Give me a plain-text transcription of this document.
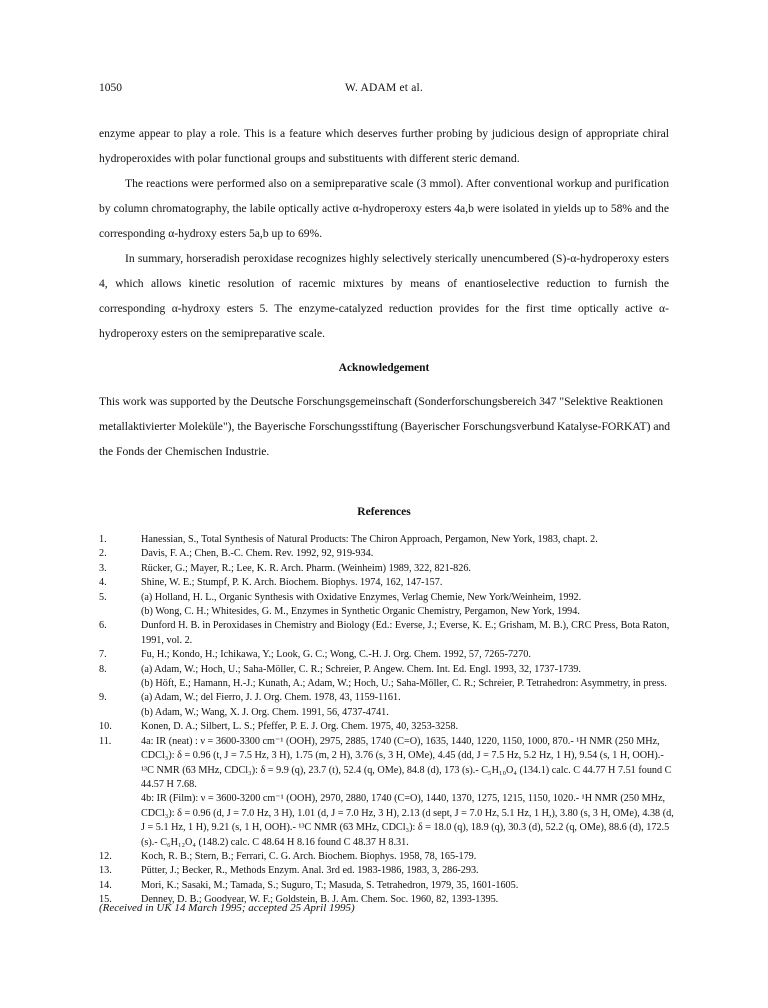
1050	W. ADAM et al.
enzyme appear to play a role. This is a feature which deserves further probing by judicious design of appropriate chiral hydroperoxides with polar functional groups and substituents with different steric demand.
The reactions were performed also on a semipreparative scale (3 mmol). After conventional workup and purification by column chromatography, the labile optically active α-hydroperoxy esters 4a,b were isolated in yields up to 58% and the corresponding α-hydroxy esters 5a,b up to 69%.
In summary, horseradish peroxidase recognizes highly selectively sterically unencumbered (S)-α-hydroperoxy esters 4, which allows kinetic resolution of racemic mixtures by means of enantioselective reduction to furnish the corresponding α-hydroxy esters 5. The enzyme-catalyzed reduction provides for the first time optically active α-hydroperoxy esters on the semipreparative scale.
Acknowledgement
This work was supported by the Deutsche Forschungsgemeinschaft (Sonderforschungsbereich 347 "Selektive Reaktionen metallaktivierter Moleküle"), the Bayerische Forschungsstiftung (Bayerischer Forschungsverbund Katalyse-FORKAT) and the Fonds der Chemischen Industrie.
References
1.	Hanessian, S., Total Synthesis of Natural Products: The Chiron Approach, Pergamon, New York, 1983, chapt. 2.
2.	Davis, F. A.; Chen, B.-C. Chem. Rev. 1992, 92, 919-934.
3.	Rücker, G.; Mayer, R.; Lee, K. R. Arch. Pharm. (Weinheim) 1989, 322, 821-826.
4.	Shine, W. E.; Stumpf, P. K. Arch. Biochem. Biophys. 1974, 162, 147-157.
5.	(a) Holland, H. L., Organic Synthesis with Oxidative Enzymes, Verlag Chemie, New York/Weinheim, 1992.
(b) Wong, C. H.; Whitesides, G. M., Enzymes in Synthetic Organic Chemistry, Pergamon, New York, 1994.
6.	Dunford H. B. in Peroxidases in Chemistry and Biology (Ed.: Everse, J.; Everse, K. E.; Grisham, M. B.), CRC Press, Bota Raton, 1991, vol. 2.
7.	Fu, H.; Kondo, H.; Ichikawa, Y.; Look, G. C.; Wong, C.-H. J. Org. Chem. 1992, 57, 7265-7270.
8.	(a) Adam, W.; Hoch, U.; Saha-Möller, C. R.; Schreier, P. Angew. Chem. Int. Ed. Engl. 1993, 32, 1737-1739.
(b) Höft, E.; Hamann, H.-J.; Kunath, A.; Adam, W.; Hoch, U.; Saha-Möller, C. R.; Schreier, P. Tetrahedron: Asymmetry, in press.
9.	(a) Adam, W.; del Fierro, J. J. Org. Chem. 1978, 43, 1159-1161.
(b) Adam, W.; Wang, X. J. Org. Chem. 1991, 56, 4737-4741.
10.	Konen, D. A.; Silbert, L. S.; Pfeffer, P. E. J. Org. Chem. 1975, 40, 3253-3258.
11.	4a: IR (neat) : ν = 3600-3300 cm⁻¹ (OOH), 2975, 2885, 1740 (C=O), 1635, 1440, 1220, 1150, 1000, 870.- ¹H NMR (250 MHz, CDCl₃): δ = 0.96 (t, J = 7.5 Hz, 3 H), 1.75 (m, 2 H), 3.76 (s, 3 H, OMe), 4.45 (dd, J = 7.5 Hz, 5.2 Hz, 1 H), 9.54 (s, 1 H, OOH).- ¹³C NMR (63 MHz, CDCl₃): δ = 9.9 (q), 23.7 (t), 52.4 (q, OMe), 84.8 (d), 173 (s).- C₅H₁₀O₄ (134.1) calc. C 44.77 H 7.51 found C 44.57 H 7.68.
4b: IR (Film): ν = 3600-3200 cm⁻¹ (OOH), 2970, 2880, 1740 (C=O), 1440, 1370, 1275, 1215, 1150, 1020.- ¹H NMR (250 MHz, CDCl₃): δ = 0.96 (d, J = 7.0 Hz, 3 H), 1.01 (d, J = 7.0 Hz, 3 H), 2.13 (d sept, J = 7.0 Hz, 5.1 Hz, 1 H,), 3.80 (s, 3 H, OMe), 4.38 (d, J = 5.1 Hz, 1 H), 9.21 (s, 1 H, OOH).- ¹³C NMR (63 MHz, CDCl₃): δ = 18.0 (q), 18.9 (q), 30.3 (d), 52.2 (q, OMe), 88.6 (d), 172.5 (s).- C₆H₁₂O₄ (148.2) calc. C 48.64 H 8.16 found C 48.37 H 8.31.
12.	Koch, R. B.; Stern, B.; Ferrari, C. G. Arch. Biochem. Biophys. 1958, 78, 165-179.
13.	Pütter, J.; Becker, R., Methods Enzym. Anal. 3rd ed. 1983-1986, 1983, 3, 286-293.
14.	Mori, K.; Sasaki, M.; Tamada, S.; Suguro, T.; Masuda, S. Tetrahedron, 1979, 35, 1601-1605.
15.	Denney, D. B.; Goodyear, W. F.; Goldstein, B. J. Am. Chem. Soc. 1960, 82, 1393-1395.
(Received in UK 14 March 1995; accepted 25 April 1995)
